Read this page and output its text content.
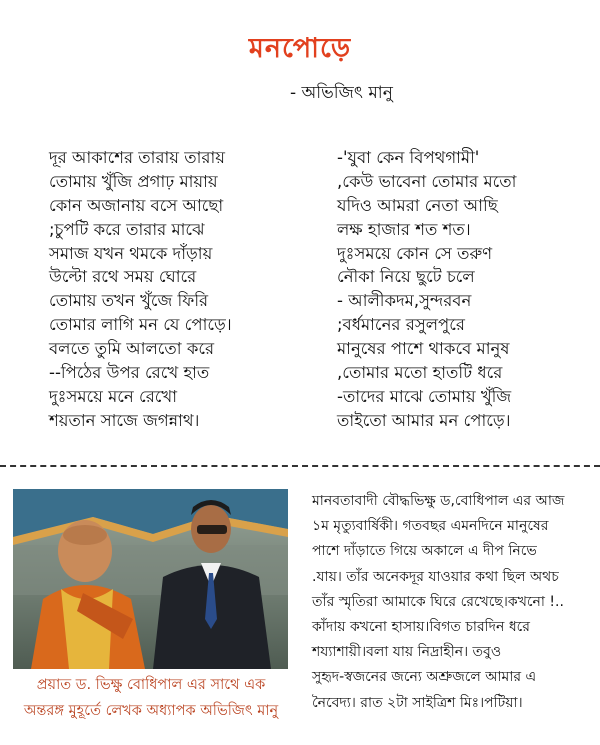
মনপোড়ে
- অভিজিৎ মানু
দূর আকাশের তারায় তারায়
তোমায় খুঁজি প্রগাঢ় মায়ায়
কোন অজানায় বসে আছো
;চুপটি করে তারার মাঝে
সমাজ যখন থমকে দাঁড়ায়
উল্টো রথে সময় ঘোরে
তোমায় তখন খুঁজে ফিরি
তোমার লাগি মন যে পোড়ে।
বলতে তুমি আলতো করে
--পিঠের উপর রেখে হাত
দুঃসময়ে মনে রেখো
শয়তান সাজে জগন্নাথ।
-'যুবা কেন বিপথগামী'
,কেউ ভাবেনা তোমার মতো
যদিও আমরা নেতা আছি
লক্ষ হাজার শত শত।
দুঃসময়ে কোন সে তরুণ
নৌকা নিয়ে ছুটে চলে
- আলীকদম,সুন্দরবন
;বর্ধমানের রসুলপুরে
মানুষের পাশে থাকবে মানুষ
,তোমার মতো হাতটি ধরে
-তাদের মাঝে তোমায় খুঁজি
তাইতো আমার মন পোড়ে।
প্রয়াত ড. ভিক্ষু বোধিপাল এর সাথে এক
অন্তরঙ্গ মুহূর্তে লেখক অধ্যাপক অভিজিৎ মানু
মানবতাবাদী বৌদ্ধভিক্ষু ড,বোধিপাল এর আজ
১ম মৃত্যুবার্ষিকী। গতবছর এমনদিনে মানুষের
পাশে দাঁড়াতে গিয়ে অকালে এ দীপ নিভে
.যায়। তাঁর অনেকদূর যাওয়ার কথা ছিল অথচ
তাঁর স্মৃতিরা আমাকে ঘিরে রেখেছে।কখনো !..
কাঁদায় কখনো হাসায়।বিগত চারদিন ধরে
শয্যাশায়ী।বলা যায় নিদ্রাহীন। তবুও
সুহৃদ-স্বজনের জন্যে অশ্রুজলে আমার এ
নৈবেদ্য। রাত ২টা সাইত্রিশ মিঃ।পটিয়া।
